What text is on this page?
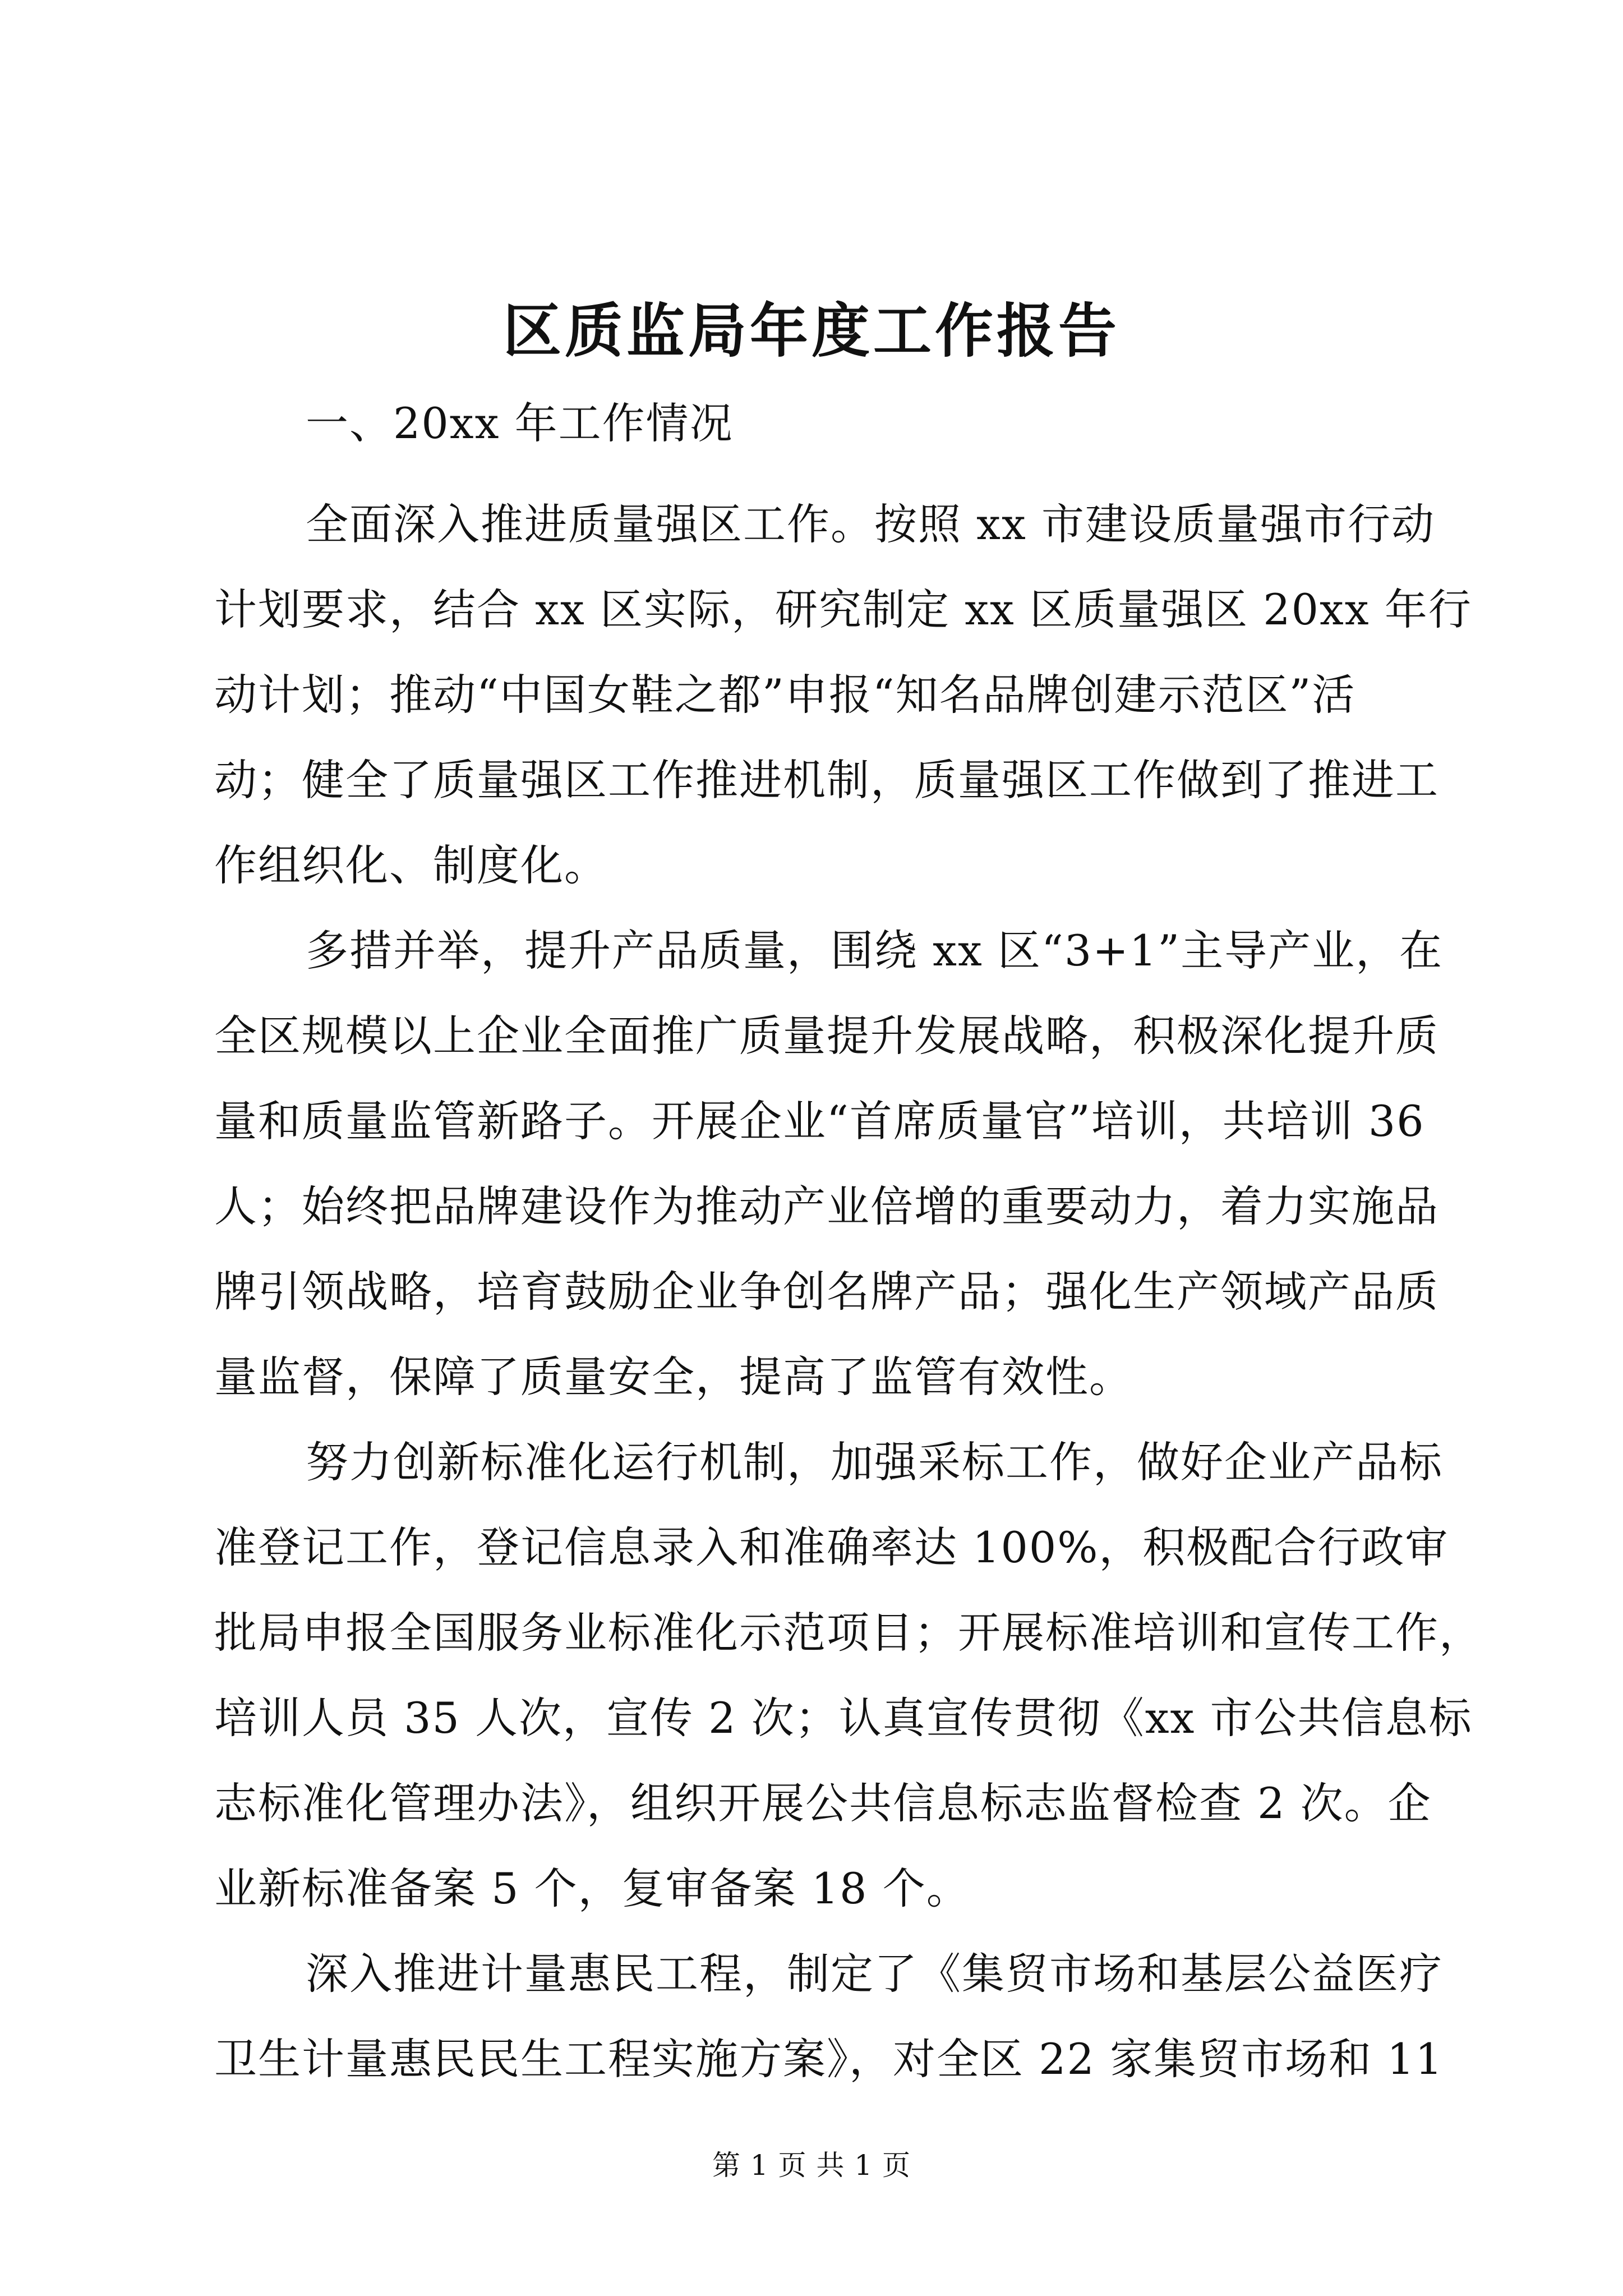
区质监局年度工作报告
一、20xx 年工作情况
全面深入推进质量强区工作。按照 xx 市建设质量强市行动
计划要求，结合 xx 区实际，研究制定 xx 区质量强区 20xx 年行
动计划；推动“中国女鞋之都”申报“知名品牌创建示范区”活
动；健全了质量强区工作推进机制，质量强区工作做到了推进工
作组织化、制度化。
多措并举，提升产品质量，围绕 xx 区“3+1”主导产业，在
全区规模以上企业全面推广质量提升发展战略，积极深化提升质
量和质量监管新路子。开展企业“首席质量官”培训，共培训 36
人；始终把品牌建设作为推动产业倍增的重要动力，着力实施品
牌引领战略，培育鼓励企业争创名牌产品；强化生产领域产品质
量监督，保障了质量安全，提高了监管有效性。
努力创新标准化运行机制，加强采标工作，做好企业产品标
准登记工作，登记信息录入和准确率达 100%，积极配合行政审
批局申报全国服务业标准化示范项目；开展标准培训和宣传工作，
培训人员 35 人次，宣传 2 次；认真宣传贯彻《xx 市公共信息标
志标准化管理办法》，组织开展公共信息标志监督检查 2 次。企
业新标准备案 5 个，复审备案 18 个。
深入推进计量惠民工程，制定了《集贸市场和基层公益医疗
卫生计量惠民民生工程实施方案》，对全区 22 家集贸市场和 11
第 1 页 共 1 页
